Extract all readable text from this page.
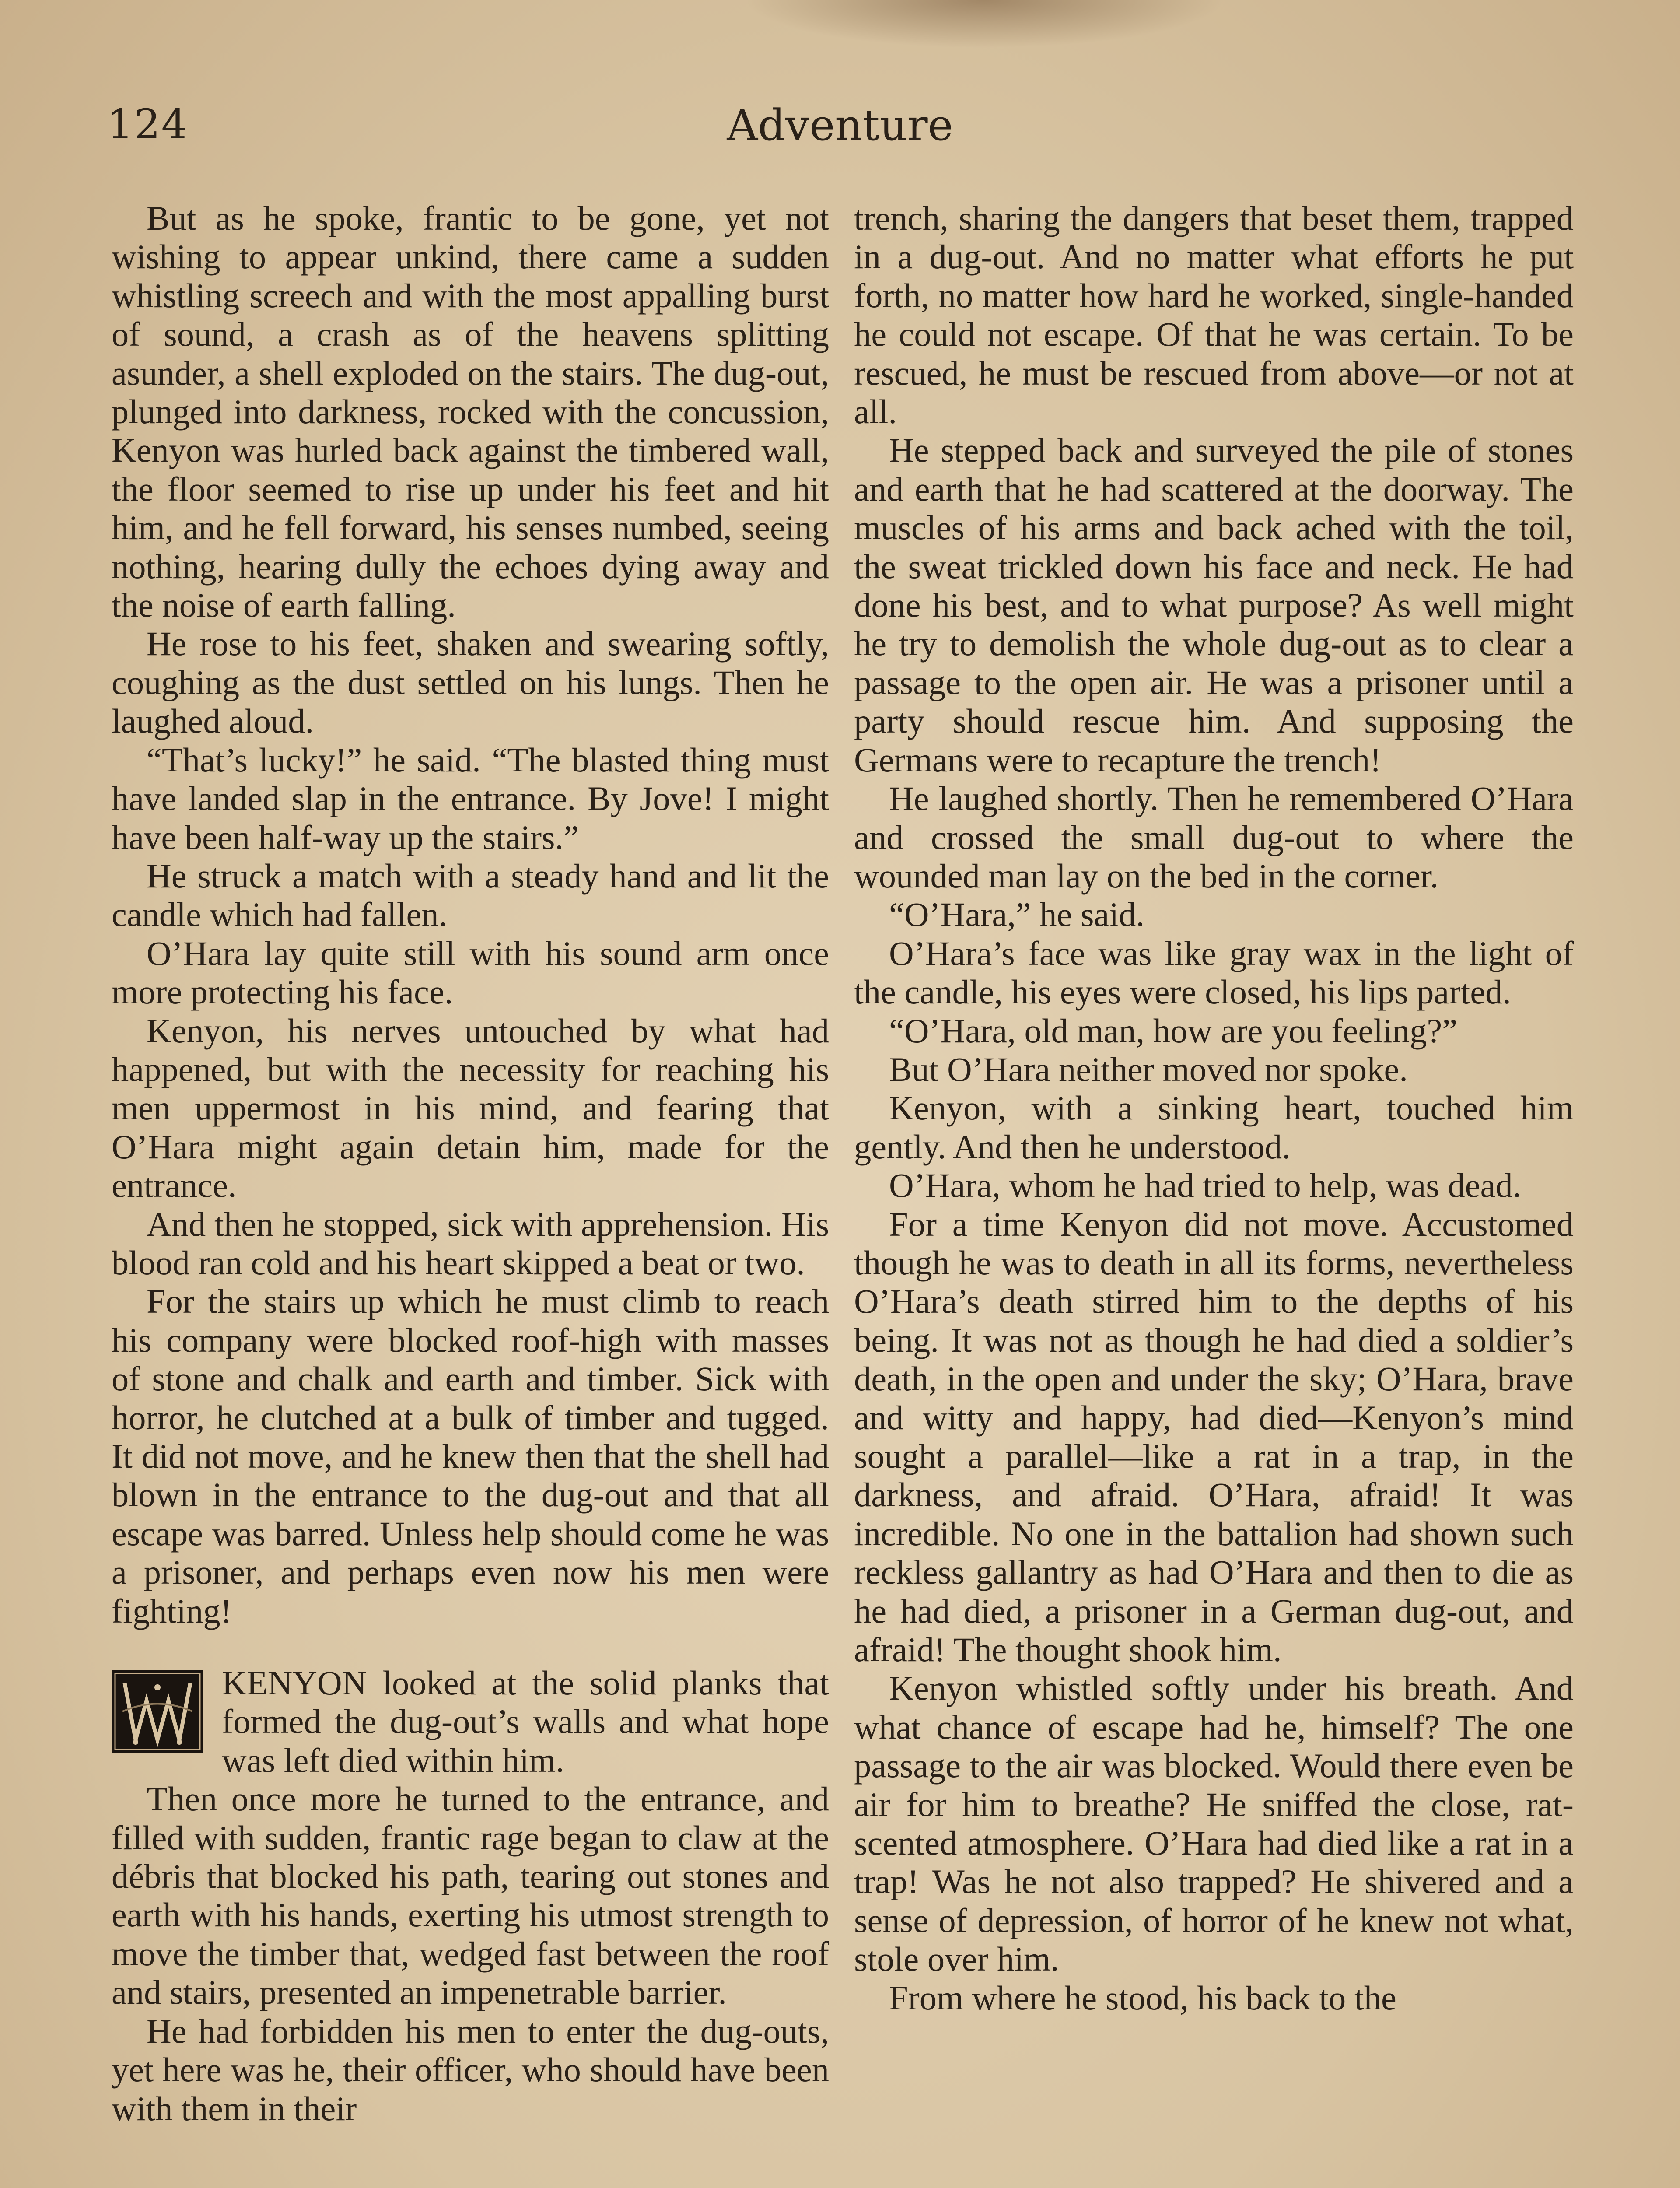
124	Adventure

But as he spoke, frantic to be gone, yet not wishing to appear unkind, there came a sudden whistling screech and with the most appalling burst of sound, a crash as of the heavens splitting asunder, a shell exploded on the stairs. The dug-out, plunged into darkness, rocked with the concussion, Kenyon was hurled back against the timbered wall, the floor seemed to rise up under his feet and hit him, and he fell forward, his senses numbed, seeing nothing, hearing dully the echoes dying away and the noise of earth falling.

He rose to his feet, shaken and swearing softly, coughing as the dust settled on his lungs. Then he laughed aloud.

“That’s lucky!” he said. “The blasted thing must have landed slap in the entrance. By Jove! I might have been half-way up the stairs.”

He struck a match with a steady hand and lit the candle which had fallen.

O’Hara lay quite still with his sound arm once more protecting his face.

Kenyon, his nerves untouched by what had happened, but with the necessity for reaching his men uppermost in his mind, and fearing that O’Hara might again detain him, made for the entrance.

And then he stopped, sick with apprehension. His blood ran cold and his heart skipped a beat or two.

For the stairs up which he must climb to reach his company were blocked roof-high with masses of stone and chalk and earth and timber. Sick with horror, he clutched at a bulk of timber and tugged. It did not move, and he knew then that the shell had blown in the entrance to the dug-out and that all escape was barred. Unless help should come he was a prisoner, and perhaps even now his men were fighting!

KENYON looked at the solid planks that formed the dug-out’s walls and what hope was left died within him.

Then once more he turned to the entrance, and filled with sudden, frantic rage began to claw at the débris that blocked his path, tearing out stones and earth with his hands, exerting his utmost strength to move the timber that, wedged fast between the roof and stairs, presented an impenetrable barrier.

He had forbidden his men to enter the dug-outs, yet here was he, their officer, who should have been with them in their

trench, sharing the dangers that beset them, trapped in a dug-out. And no matter what efforts he put forth, no matter how hard he worked, single-handed he could not escape. Of that he was certain. To be rescued, he must be rescued from above—or not at all.

He stepped back and surveyed the pile of stones and earth that he had scattered at the doorway. The muscles of his arms and back ached with the toil, the sweat trickled down his face and neck. He had done his best, and to what purpose? As well might he try to demolish the whole dug-out as to clear a passage to the open air. He was a prisoner until a party should rescue him. And supposing the Germans were to recapture the trench!

He laughed shortly. Then he remembered O’Hara and crossed the small dug-out to where the wounded man lay on the bed in the corner.

“O’Hara,” he said.

O’Hara’s face was like gray wax in the light of the candle, his eyes were closed, his lips parted.

“O’Hara, old man, how are you feeling?”

But O’Hara neither moved nor spoke.

Kenyon, with a sinking heart, touched him gently. And then he understood.

O’Hara, whom he had tried to help, was dead.

For a time Kenyon did not move. Accustomed though he was to death in all its forms, nevertheless O’Hara’s death stirred him to the depths of his being. It was not as though he had died a soldier’s death, in the open and under the sky; O’Hara, brave and witty and happy, had died—Kenyon’s mind sought a parallel—like a rat in a trap, in the darkness, and afraid. O’Hara, afraid! It was incredible. No one in the battalion had shown such reckless gallantry as had O’Hara and then to die as he had died, a prisoner in a German dug-out, and afraid! The thought shook him.

Kenyon whistled softly under his breath. And what chance of escape had he, himself? The one passage to the air was blocked. Would there even be air for him to breathe? He sniffed the close, rat-scented atmosphere. O’Hara had died like a rat in a trap! Was he not also trapped? He shivered and a sense of depression, of horror of he knew not what, stole over him.

From where he stood, his back to the
